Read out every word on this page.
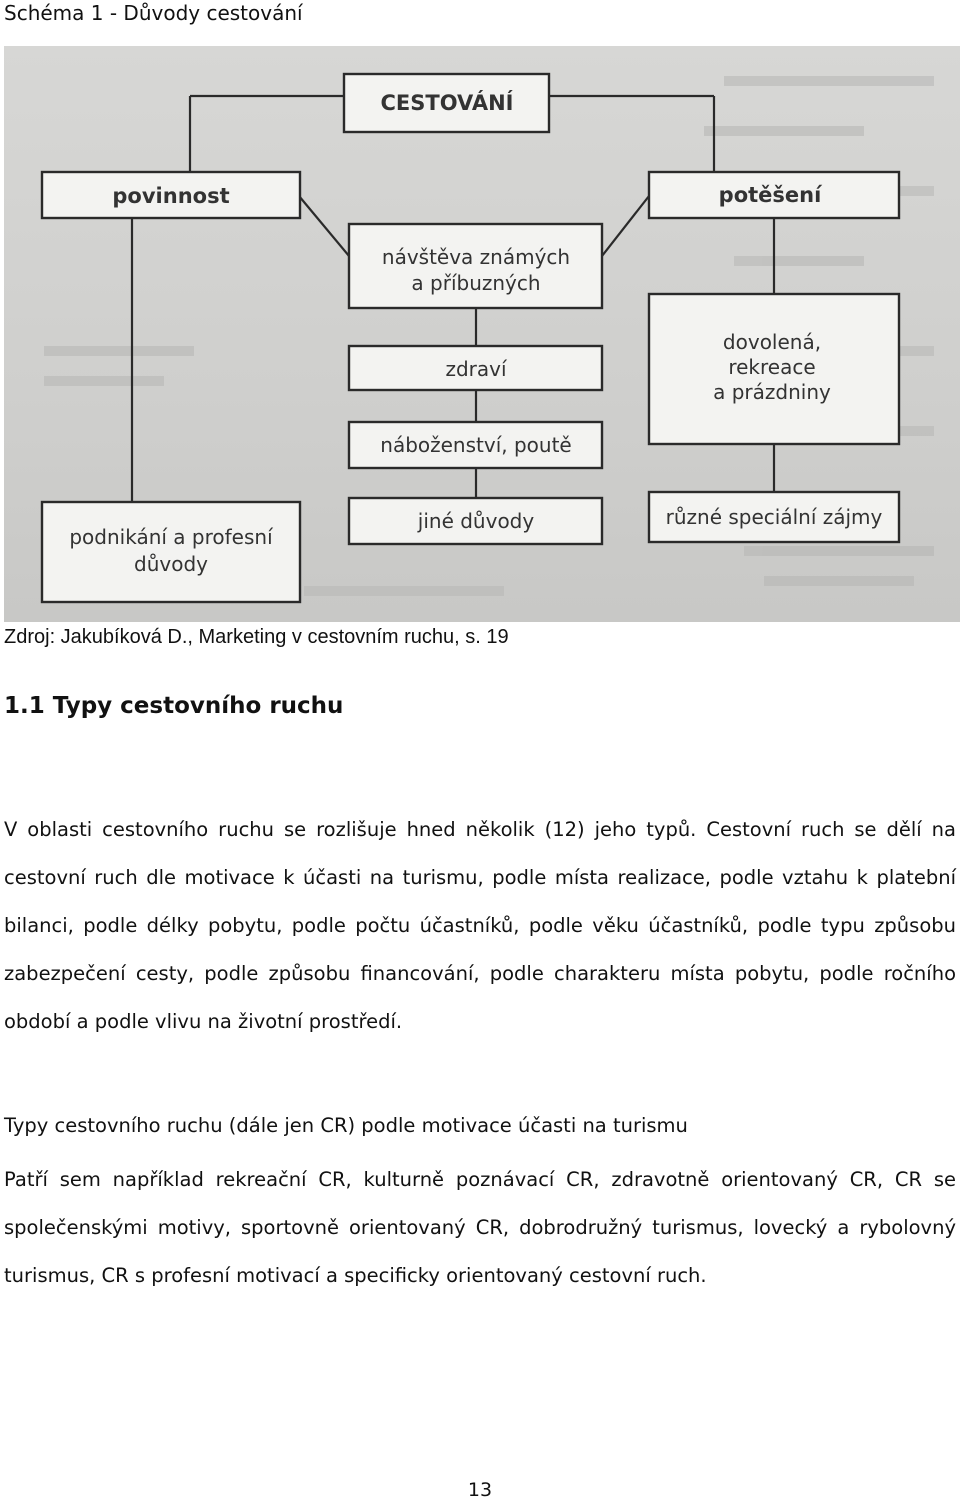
Schéma 1 - Důvody cestování
CESTOVÁNÍ
povinnost	potěšení
návštěva známých
a příbuzných
zdraví
náboženství, poutě
jiné důvody
dovolená,
rekreace
a prázdniny
různé speciální zájmy
podnikání a profesní
důvody
Zdroj: Jakubíková D., Marketing v cestovním ruchu, s. 19
1.1 Typy cestovního ruchu

V oblasti cestovního ruchu se rozlišuje hned několik (12) jeho typů. Cestovní ruch se dělí na cestovní ruch dle motivace k účasti na turismu, podle místa realizace, podle vztahu k platební bilanci, podle délky pobytu, podle počtu účastníků, podle věku účastníků, podle typu způsobu zabezpečení cesty, podle způsobu financování, podle charakteru místa pobytu, podle ročního období a podle vlivu na životní prostředí.

Typy cestovního ruchu (dále jen CR) podle motivace účasti na turismu

Patří sem například rekreační CR, kulturně poznávací CR, zdravotně orientovaný CR, CR se společenskými motivy, sportovně orientovaný CR, dobrodružný turismus, lovecký a rybolovný turismus, CR s profesní motivací a specificky orientovaný cestovní ruch.

13
